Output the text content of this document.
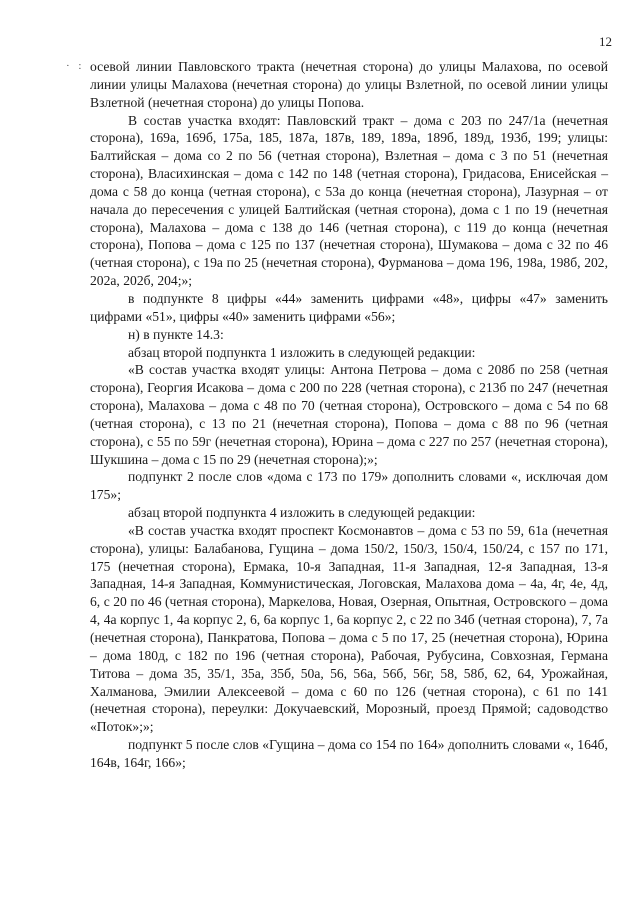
12
· : осевой линии Павловского тракта (нечетная сторона) до улицы Малахова, по осевой линии улицы Малахова (нечетная сторона) до улицы Взлетной, по осевой линии улицы Взлетной (нечетная сторона) до улицы Попова.

В состав участка входят: Павловский тракт – дома с 203 по 247/1а (нечетная сторона), 169а, 169б, 175а, 185, 187а, 187в, 189, 189а, 189б, 189д, 193б, 199; улицы: Балтийская – дома со 2 по 56 (четная сторона), Взлетная – дома с 3 по 51 (нечетная сторона), Власихинская – дома с 142 по 148 (четная сторона), Гридасова, Енисейская – дома с 58 до конца (четная сторона), с 53а до конца (нечетная сторона), Лазурная – от начала до пересечения с улицей Балтийская (четная сторона), дома с 1 по 19 (нечетная сторона), Малахова – дома с 138 до 146 (четная сторона), с 119 до конца (нечетная сторона), Попова – дома с 125 по 137 (нечетная сторона), Шумакова – дома с 32 по 46 (четная сторона), с 19а по 25 (нечетная сторона), Фурманова – дома 196, 198а, 198б, 202, 202а, 202б, 204;»;

в подпункте 8 цифры «44» заменить цифрами «48», цифры «47» заменить цифрами «51», цифры «40» заменить цифрами «56»;

н) в пункте 14.3:

абзац второй подпункта 1 изложить в следующей редакции:

«В состав участка входят улицы: Антона Петрова – дома с 208б по 258 (четная сторона), Георгия Исакова – дома с 200 по 228 (четная сторона), с 213б по 247 (нечетная сторона), Малахова – дома с 48 по 70 (четная сторона), Островского – дома с 54 по 68 (четная сторона), с 13 по 21 (нечетная сторона), Попова – дома с 88 по 96 (четная сторона), с 55 по 59г (нечетная сторона), Юрина – дома с 227 по 257 (нечетная сторона), Шукшина – дома с 15 по 29 (нечетная сторона);»;

подпункт 2 после слов «дома с 173 по 179» дополнить словами «, исключая дом 175»;

абзац второй подпункта 4 изложить в следующей редакции:

«В состав участка входят проспект Космонавтов – дома с 53 по 59, 61а (нечетная сторона), улицы: Балабанова, Гущина – дома 150/2, 150/3, 150/4, 150/24, с 157 по 171, 175 (нечетная сторона), Ермака, 10-я Западная, 11-я Западная, 12-я Западная, 13-я Западная, 14-я Западная, Коммунистическая, Логовская, Малахова дома – 4а, 4г, 4е, 4д, 6, с 20 по 46 (четная сторона), Маркелова, Новая, Озерная, Опытная, Островского – дома 4, 4а корпус 1, 4а корпус 2, 6, 6а корпус 1, 6а корпус 2, с 22 по 34б (четная сторона), 7, 7а (нечетная сторона), Панкратова, Попова – дома с 5 по 17, 25 (нечетная сторона), Юрина – дома 180д, с 182 по 196 (четная сторона), Рабочая, Рубусина, Совхозная, Германа Титова – дома 35, 35/1, 35а, 35б, 50а, 56, 56а, 56б, 56г, 58, 58б, 62, 64, Урожайная, Халманова, Эмилии Алексеевой – дома с 60 по 126 (четная сторона), с 61 по 141 (нечетная сторона), переулки: Докучаевский, Морозный, проезд Прямой; садоводство «Поток»;»;

подпункт 5 после слов «Гущина – дома со 154 по 164» дополнить словами «, 164б, 164в, 164г, 166»;
